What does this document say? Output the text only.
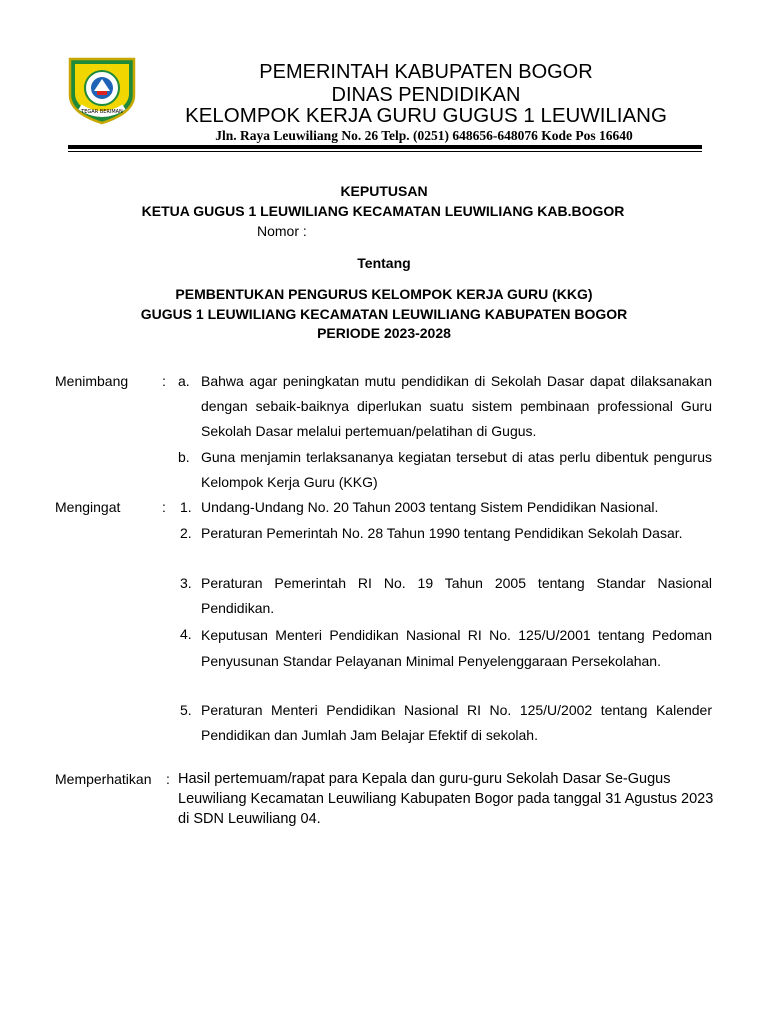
TEGAR BERIMAN
PEMERINTAH KABUPATEN BOGOR
DINAS PENDIDIKAN
KELOMPOK KERJA GURU GUGUS 1 LEUWILIANG
Jln. Raya Leuwiliang No. 26 Telp. (0251) 648656-648076 Kode Pos 16640
KEPUTUSAN
KETUA GUGUS 1 LEUWILIANG KECAMATAN LEUWILIANG KAB.BOGOR
Nomor :
Tentang
PEMBENTUKAN PENGURUS KELOMPOK KERJA GURU (KKG)
GUGUS 1 LEUWILIANG KECAMATAN LEUWILIANG KABUPATEN BOGOR
PERIODE 2023-2028
Menimbang : a. Bahwa agar peningkatan mutu pendidikan di Sekolah Dasar dapat dilaksanakan dengan sebaik-baiknya diperlukan suatu sistem pembinaan professional Guru Sekolah Dasar melalui pertemuan/pelatihan di Gugus.
b. Guna menjamin terlaksananya kegiatan tersebut di atas perlu dibentuk pengurus Kelompok Kerja Guru (KKG)
Mengingat	: 1. Undang-Undang No. 20 Tahun 2003 tentang Sistem Pendidikan Nasional.
2. Peraturan Pemerintah No. 28 Tahun 1990 tentang Pendidikan Sekolah Dasar.
3. Peraturan Pemerintah RI No. 19 Tahun 2005 tentang Standar Nasional Pendidikan.
4. Keputusan Menteri Pendidikan Nasional RI No. 125/U/2001 tentang Pedoman Penyusunan Standar Pelayanan Minimal Penyelenggaraan Persekolahan.
5. Peraturan Menteri Pendidikan Nasional RI No. 125/U/2002 tentang Kalender Pendidikan dan Jumlah Jam Belajar Efektif di sekolah.
Memperhatikan : Hasil pertemuam/rapat para Kepala dan guru-guru Sekolah Dasar Se-Gugus Leuwiliang Kecamatan Leuwiliang Kabupaten Bogor pada tanggal 31 Agustus 2023 di SDN Leuwiliang 04.
